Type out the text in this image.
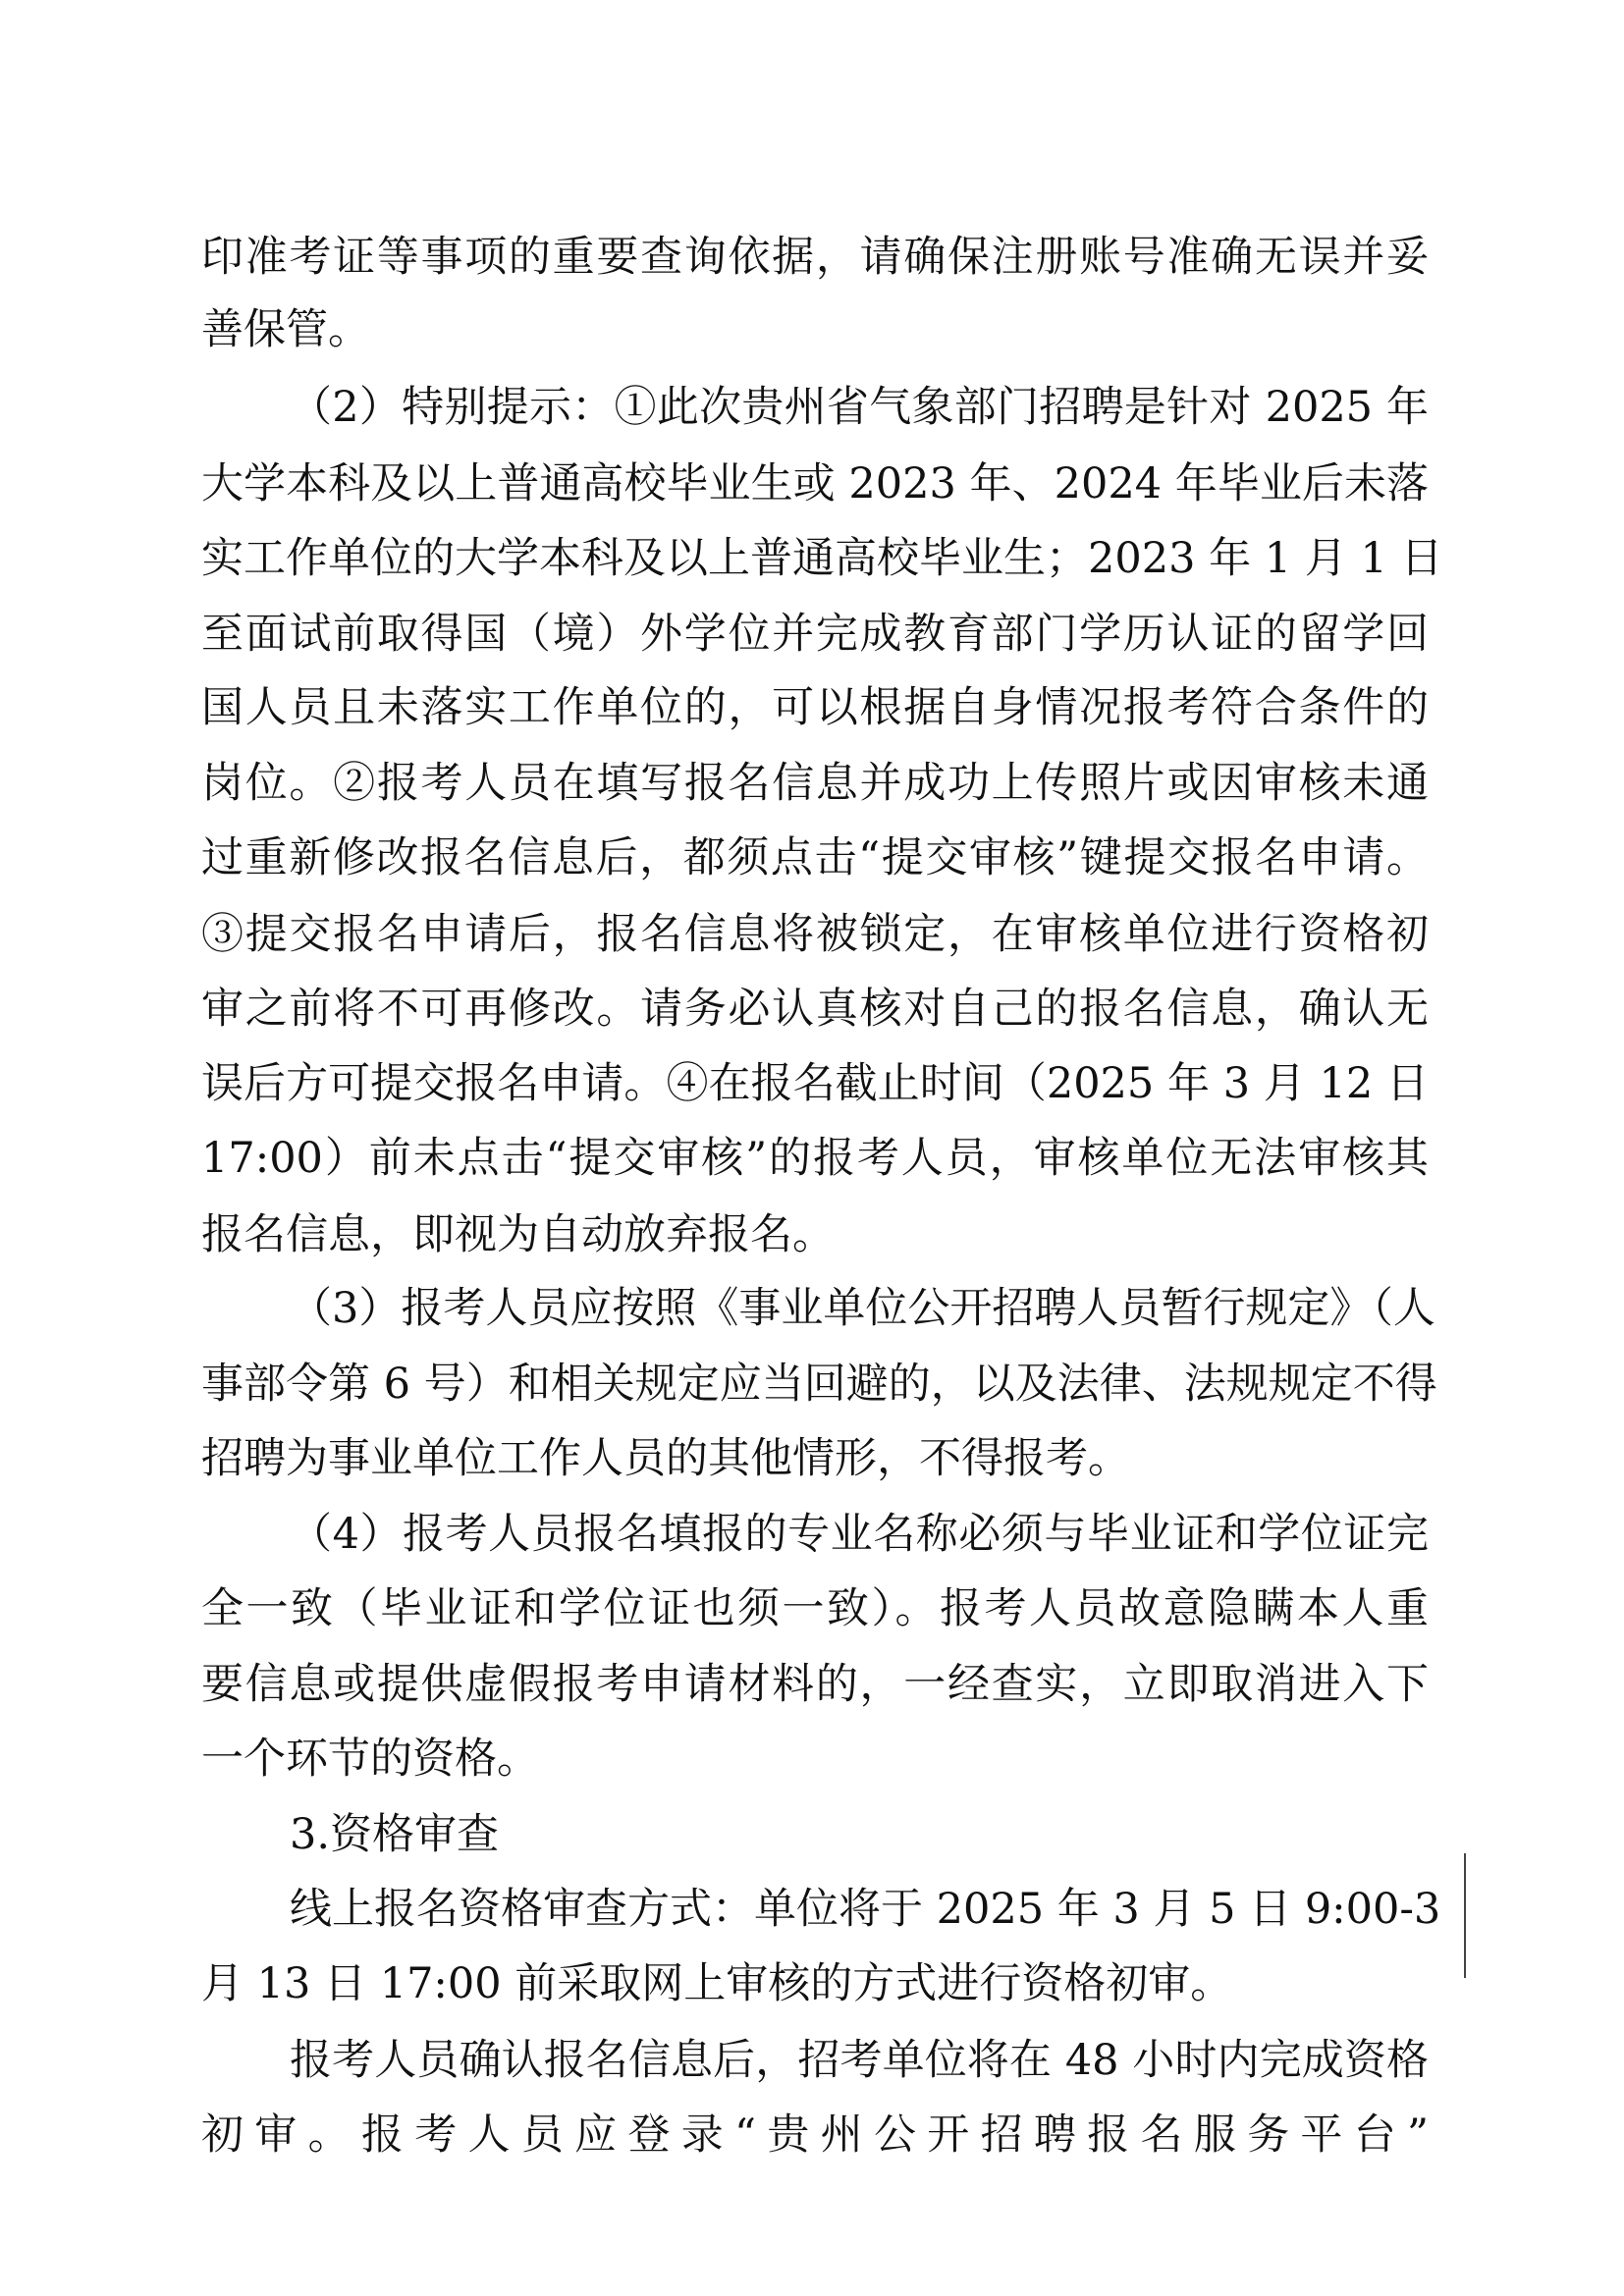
印准考证等事项的重要查询依据，请确保注册账号准确无误并妥

善保管。

（2）特别提示：①此次贵州省气象部门招聘是针对 2025 年

大学本科及以上普通高校毕业生或 2023 年、2024 年毕业后未落

实工作单位的大学本科及以上普通高校毕业生；2023 年 1 月 1 日

至面试前取得国（境）外学位并完成教育部门学历认证的留学回

国人员且未落实工作单位的，可以根据自身情况报考符合条件的

岗位。②报考人员在填写报名信息并成功上传照片或因审核未通

过重新修改报名信息后，都须点击“提交审核”键提交报名申请。

③提交报名申请后，报名信息将被锁定，在审核单位进行资格初

审之前将不可再修改。请务必认真核对自己的报名信息，确认无

误后方可提交报名申请。④在报名截止时间（2025 年 3 月 12 日

17:00）前未点击“提交审核”的报考人员，审核单位无法审核其

报名信息，即视为自动放弃报名。

（3）报考人员应按照《事业单位公开招聘人员暂行规定》（人

事部令第 6 号）和相关规定应当回避的，以及法律、法规规定不得

招聘为事业单位工作人员的其他情形，不得报考。

（4）报考人员报名填报的专业名称必须与毕业证和学位证完

全一致（毕业证和学位证也须一致）。报考人员故意隐瞒本人重

要信息或提供虚假报考申请材料的，一经查实，立即取消进入下

一个环节的资格。

3.资格审查

线上报名资格审查方式：单位将于 2025 年 3 月 5 日 9:00-3

月 13 日 17:00 前采取网上审核的方式进行资格初审。

报考人员确认报名信息后，招考单位将在 48 小时内完成资格

初审。报考人员应登录“贵州公开招聘报名服务平台”
